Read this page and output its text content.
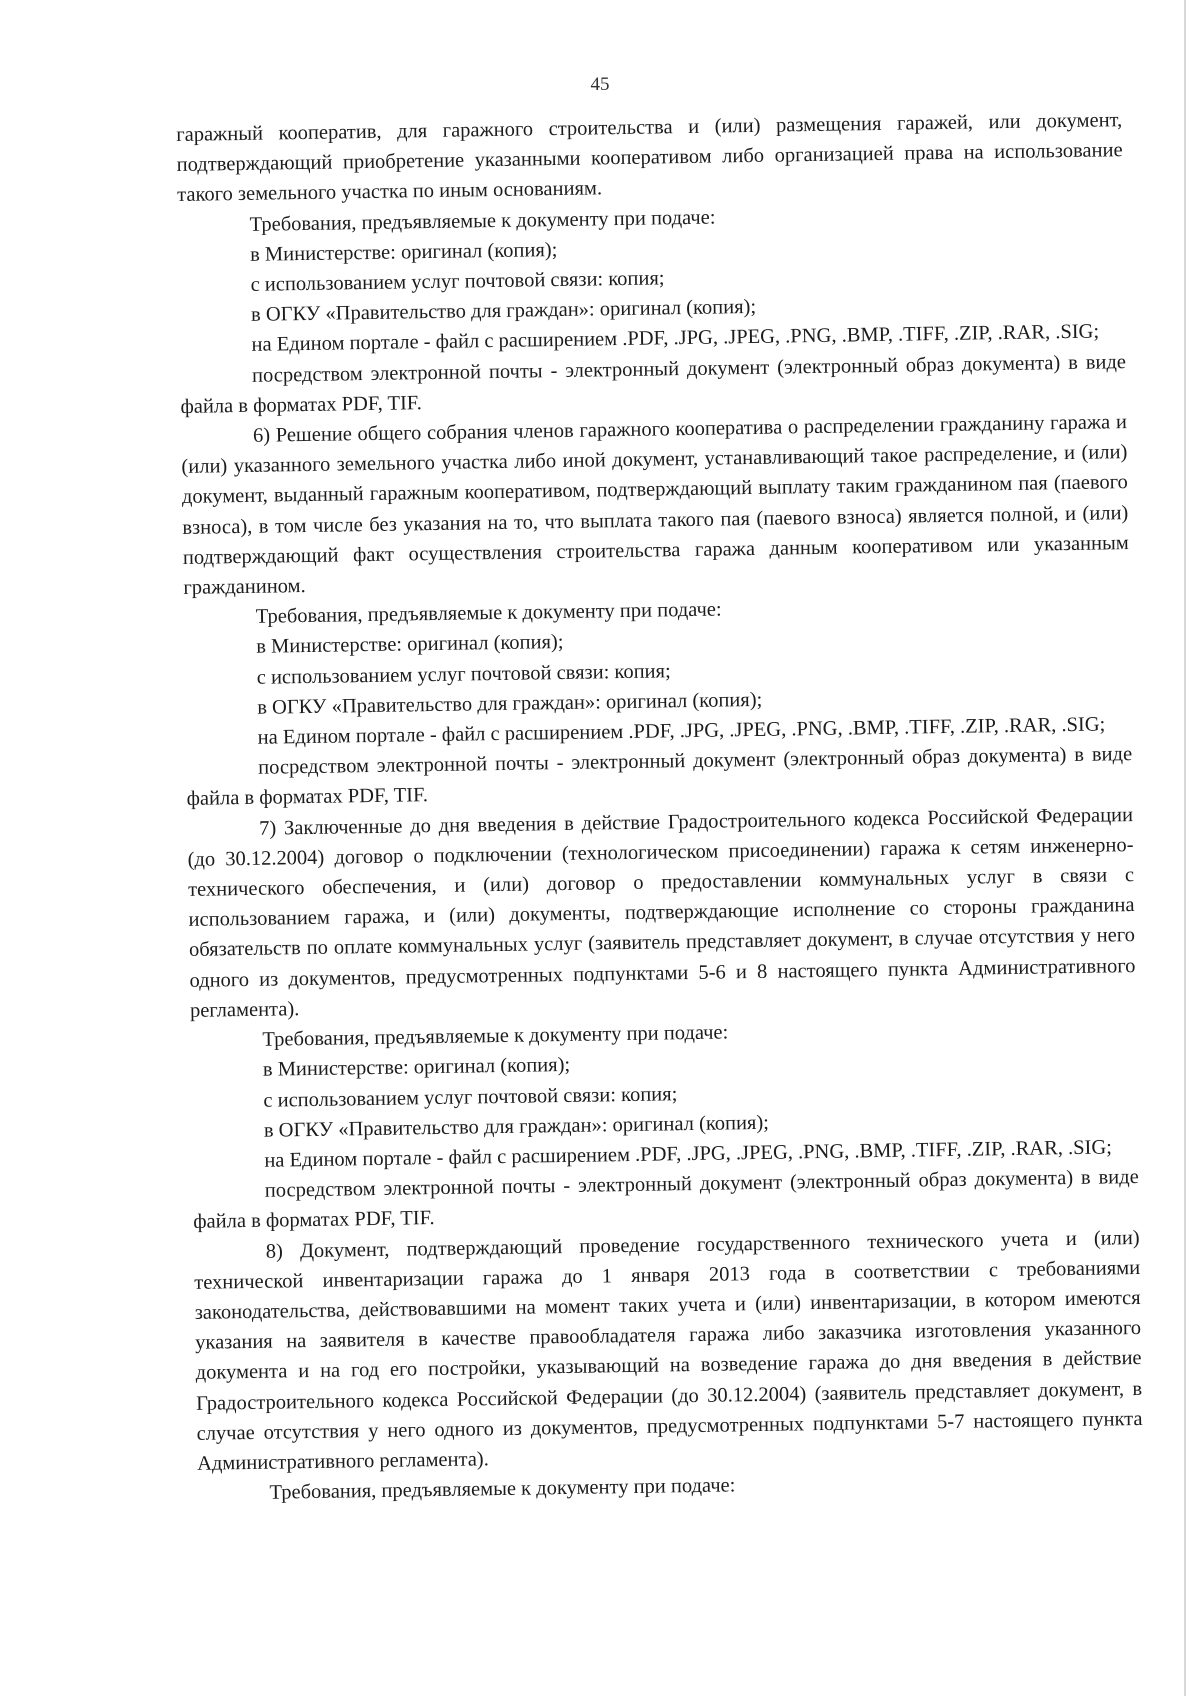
45

гаражный кооператив, для гаражного строительства и (или) размещения гаражей, или документ, подтверждающий приобретение указанными кооперативом либо организацией права на использование такого земельного участка по иным основаниям.

Требования, предъявляемые к документу при подаче:

в Министерстве: оригинал (копия);

с использованием услуг почтовой связи: копия;

в ОГКУ «Правительство для граждан»: оригинал (копия);

на Едином портале - файл с расширением .PDF, .JPG, .JPEG, .PNG, .BMP, .TIFF, .ZIP, .RAR, .SIG;

посредством электронной почты - электронный документ (электронный образ документа) в виде файла в форматах PDF, TIF.

6) Решение общего собрания членов гаражного кооператива о распределении гражданину гаража и (или) указанного земельного участка либо иной документ, устанавливающий такое распределение, и (или) документ, выданный гаражным кооперативом, подтверждающий выплату таким гражданином пая (паевого взноса), в том числе без указания на то, что выплата такого пая (паевого взноса) является полной, и (или) подтверждающий факт осуществления строительства гаража данным кооперативом или указанным гражданином.

Требования, предъявляемые к документу при подаче:

в Министерстве: оригинал (копия);

с использованием услуг почтовой связи: копия;

в ОГКУ «Правительство для граждан»: оригинал (копия);

на Едином портале - файл с расширением .PDF, .JPG, .JPEG, .PNG, .BMP, .TIFF, .ZIP, .RAR, .SIG;

посредством электронной почты - электронный документ (электронный образ документа) в виде файла в форматах PDF, TIF.

7) Заключенные до дня введения в действие Градостроительного кодекса Российской Федерации (до 30.12.2004) договор о подключении (технологическом присоединении) гаража к сетям инженерно-технического обеспечения, и (или) договор о предоставлении коммунальных услуг в связи с использованием гаража, и (или) документы, подтверждающие исполнение со стороны гражданина обязательств по оплате коммунальных услуг (заявитель представляет документ, в случае отсутствия у него одного из документов, предусмотренных подпунктами 5-6 и 8 настоящего пункта Административного регламента).

Требования, предъявляемые к документу при подаче:

в Министерстве: оригинал (копия);

с использованием услуг почтовой связи: копия;

в ОГКУ «Правительство для граждан»: оригинал (копия);

на Едином портале - файл с расширением .PDF, .JPG, .JPEG, .PNG, .BMP, .TIFF, .ZIP, .RAR, .SIG;

посредством электронной почты - электронный документ (электронный образ документа) в виде файла в форматах PDF, TIF.

8) Документ, подтверждающий проведение государственного технического учета и (или) технической инвентаризации гаража до 1 января 2013 года в соответствии с требованиями законодательства, действовавшими на момент таких учета и (или) инвентаризации, в котором имеются указания на заявителя в качестве правообладателя гаража либо заказчика изготовления указанного документа и на год его постройки, указывающий на возведение гаража до дня введения в действие Градостроительного кодекса Российской Федерации (до 30.12.2004) (заявитель представляет документ, в случае отсутствия у него одного из документов, предусмотренных подпунктами 5-7 настоящего пункта Административного регламента).

Требования, предъявляемые к документу при подаче:
